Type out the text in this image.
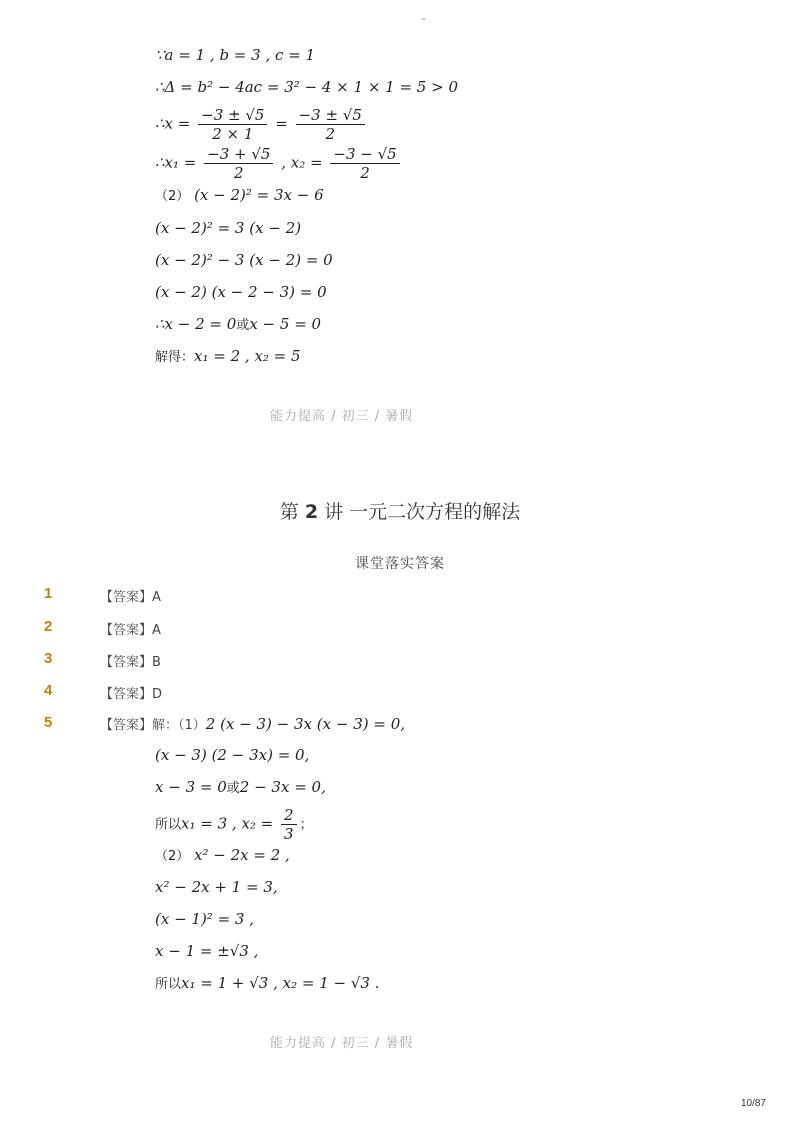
-
∵a = 1 , b = 3 , c = 1
∴Δ = b² − 4ac = 3² − 4 × 1 × 1 = 5 > 0
∴x = $\frac{-3 \pm √5}{2 \times 1} = \frac{-3 \pm √5}{2}$
∴x₁ = $\frac{-3 + √5}{2}$ , $x_2 = \frac{-3 - √5}{2}$
（2） (x − 2)² = 3x − 6
(x − 2)² = 3 (x − 2)
(x − 2)² − 3 (x − 2) = 0
(x − 2) (x − 2 − 3) = 0
∴x − 2 = 0或x − 5 = 0
解得：x₁ = 2 , x₂ = 5
能力提高 / 初三 / 暑假
第 2 讲 一元二次方程的解法
课堂落实答案
1	【答案】A
2	【答案】A
3	【答案】B
4	【答案】D
5	【答案】解：（1）2 (x − 3) − 3x (x − 3) = 0,
(x − 3) (2 − 3x) = 0,
x − 3 = 0或2 − 3x = 0,
所以x₁ = 3 , $x_2 = \frac{2}{3}$ ；
（2） x² − 2x = 2 ,
x² − 2x + 1 = 3,
(x − 1)² = 3 ,
x − 1 = ±√3 ,
所以x₁ = 1 + √3 , x₂ = 1 − √3 .
能力提高 / 初三 / 暑假
10/87
